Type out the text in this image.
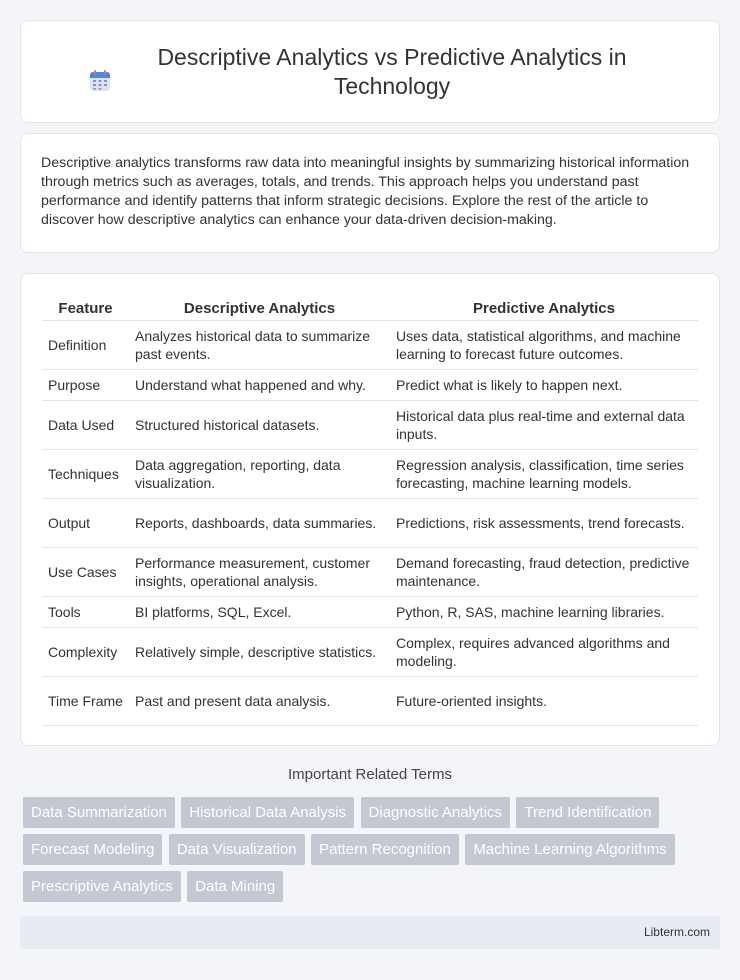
Descriptive Analytics vs Predictive Analytics in Technology

Descriptive analytics transforms raw data into meaningful insights by summarizing historical information through metrics such as averages, totals, and trends. This approach helps you understand past performance and identify patterns that inform strategic decisions. Explore the rest of the article to discover how descriptive analytics can enhance your data-driven decision-making.

Feature	Descriptive Analytics	Predictive Analytics
Definition	Analyzes historical data to summarize past events.	Uses data, statistical algorithms, and machine learning to forecast future outcomes.
Purpose	Understand what happened and why.	Predict what is likely to happen next.
Data Used	Structured historical datasets.	Historical data plus real-time and external data inputs.
Techniques	Data aggregation, reporting, data visualization.	Regression analysis, classification, time series forecasting, machine learning models.
Output	Reports, dashboards, data summaries.	Predictions, risk assessments, trend forecasts.
Use Cases	Performance measurement, customer insights, operational analysis.	Demand forecasting, fraud detection, predictive maintenance.
Tools	BI platforms, SQL, Excel.	Python, R, SAS, machine learning libraries.
Complexity	Relatively simple, descriptive statistics.	Complex, requires advanced algorithms and modeling.
Time Frame	Past and present data analysis.	Future-oriented insights.
Important Related Terms
Data Summarization Historical Data Analysis Diagnostic Analytics Trend Identification
Forecast Modeling Data Visualization Pattern Recognition Machine Learning Algorithms
Prescriptive Analytics Data Mining
Libterm.com
